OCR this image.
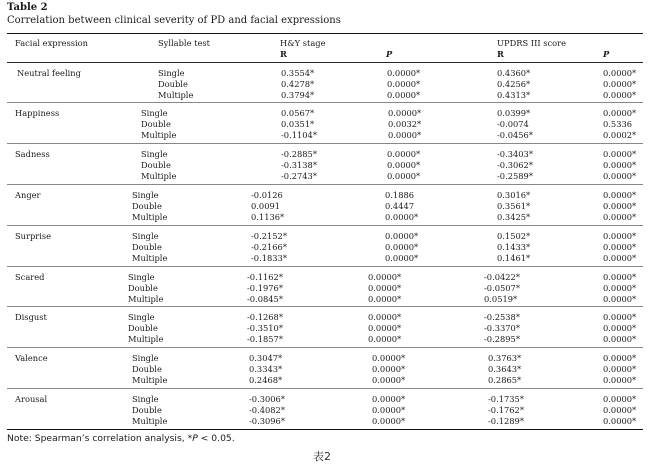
Table 2
Correlation between clinical severity of PD and facial expressions
Facial expression	Syllable test	H&Y stage	UPDRS III score
R	P	R	P
Neutral feeling	Single	0.3554*	0.0000*	0.4360*	0.0000*
Double	0.4278*	0.0000*	0.4256*	0.0000*
Multiple	0.3794*	0.0000*	0.4313*	0.0000*
Happiness	Single	0.0567*	0.0000*	0.0399*	0.0000*
Double	0.0351*	0.0032*	-0.0074	0.5336
Multiple	-0.1104*	0.0000*	-0.0456*	0.0002*
Sadness	Single	-0.2885*	0.0000*	-0.3403*	0.0000*
Double	-0.3138*	0.0000*	-0.3062*	0.0000*
Multiple	-0.2743*	0.0000*	-0.2589*	0.0000*
Anger	Single	-0.0126	0.1886	0.3016*	0.0000*
Double	0.0091	0.4447	0.3561*	0.0000*
Multiple	0.1136*	0.0000*	0.3425*	0.0000*
Surprise	Single	-0.2152*	0.0000*	0.1502*	0.0000*
Double	-0.2166*	0.0000*	0.1433*	0.0000*
Multiple	-0.1833*	0.0000*	0.1461*	0.0000*
Scared	Single	-0.1162*	0.0000*	-0.0422*	0.0000*
Double	-0.1976*	0.0000*	-0.0507*	0.0000*
Multiple	-0.0845*	0.0000*	0.0519*	0.0000*
Disgust	Single	-0.1268*	0.0000*	-0.2538*	0.0000*
Double	-0.3510*	0.0000*	-0.3370*	0.0000*
Multiple	-0.1857*	0.0000*	-0.2895*	0.0000*
Valence	Single	0.3047*	0.0000*	0.3763*	0.0000*
Double	0.3343*	0.0000*	0.3643*	0.0000*
Multiple	0.2468*	0.0000*	0.2865*	0.0000*
Arousal	Single	-0.3006*	0.0000*	-0.1735*	0.0000*
Double	-0.4082*	0.0000*	-0.1762*	0.0000*
Multiple	-0.3096*	0.0000*	-0.1289*	0.0000*
Note: Spearman’s correlation analysis, *P < 0.05.
表2
